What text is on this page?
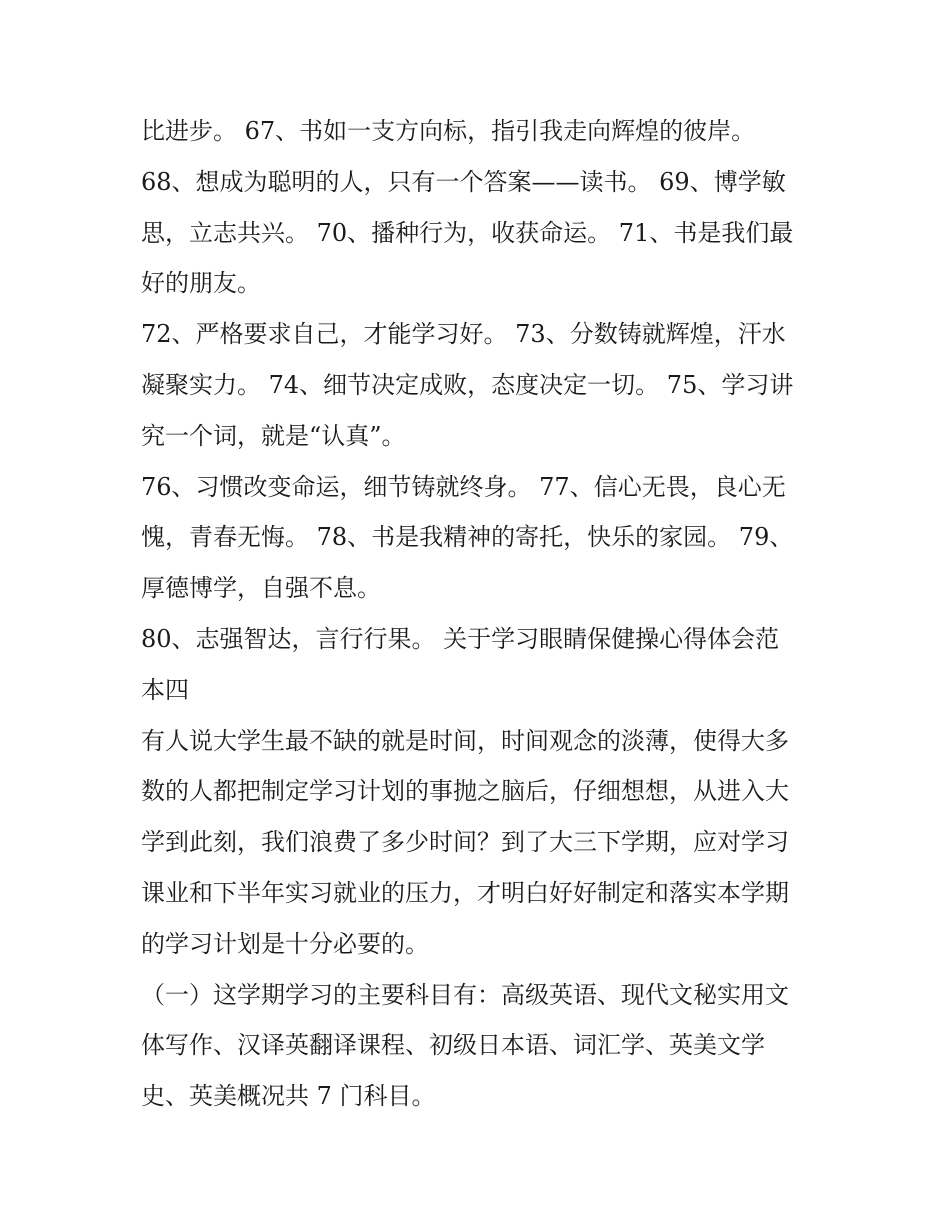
比进步。 67、书如一支方向标，指引我走向辉煌的彼岸。
68、想成为聪明的人，只有一个答案——读书。 69、博学敏
思，立志共兴。 70、播种行为，收获命运。 71、书是我们最
好的朋友。
72、严格要求自己，才能学习好。 73、分数铸就辉煌，汗水
凝聚实力。 74、细节决定成败，态度决定一切。 75、学习讲
究一个词，就是“认真”。
76、习惯改变命运，细节铸就终身。 77、信心无畏，良心无
愧，青春无悔。 78、书是我精神的寄托，快乐的家园。 79、
厚德博学，自强不息。
80、志强智达，言行行果。 关于学习眼睛保健操心得体会范
本四
有人说大学生最不缺的就是时间，时间观念的淡薄，使得大多
数的人都把制定学习计划的事抛之脑后，仔细想想，从进入大
学到此刻，我们浪费了多少时间？到了大三下学期，应对学习
课业和下半年实习就业的压力，才明白好好制定和落实本学期
的学习计划是十分必要的。
（一）这学期学习的主要科目有：高级英语、现代文秘实用文
体写作、汉译英翻译课程、初级日本语、词汇学、英美文学
史、英美概况共 7 门科目。
